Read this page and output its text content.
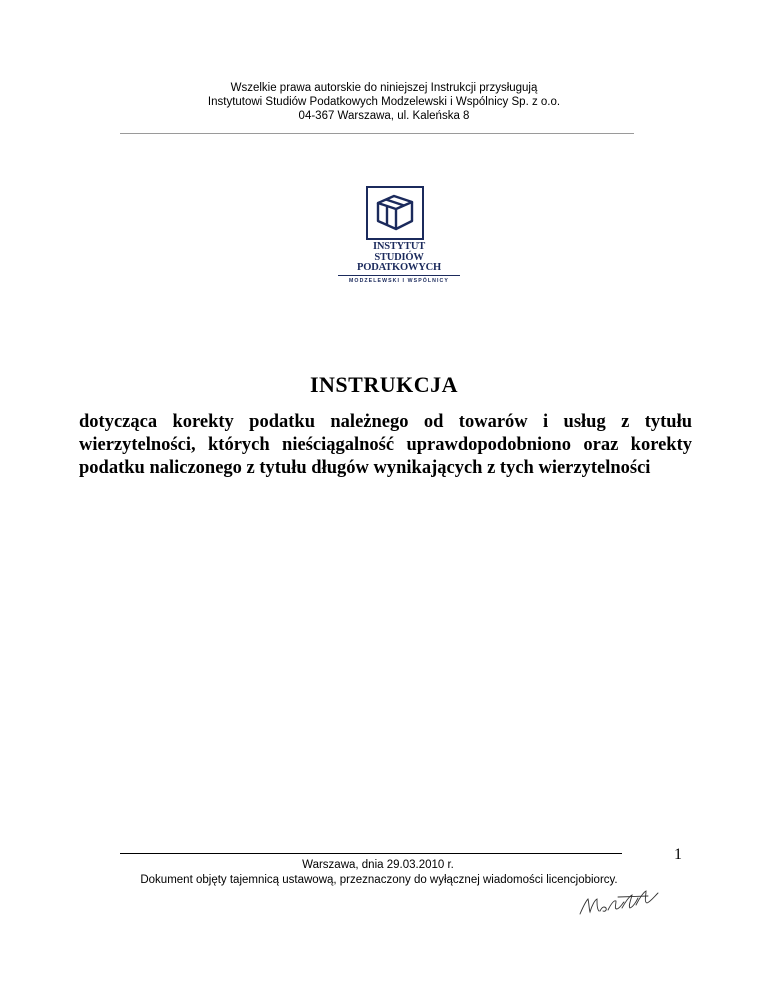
Wszelkie prawa autorskie do niniejszej Instrukcji przysługują
Instytutowi Studiów Podatkowych Modzelewski i Wspólnicy Sp. z o.o.
04-367 Warszawa, ul. Kaleńska 8
INSTYTUT
STUDIÓW
PODATKOWYCH
MODZELEWSKI I WSPÓLNICY
INSTRUKCJA
dotycząca korekty podatku należnego od towarów i usług z tytułu wierzytelności, których nieściągalność uprawdopodobniono oraz korekty podatku naliczonego z tytułu długów wynikających z tych wierzytelności
1
Warszawa, dnia 29.03.2010 r.
Dokument objęty tajemnicą ustawową, przeznaczony do wyłącznej wiadomości licencjobiorcy.
